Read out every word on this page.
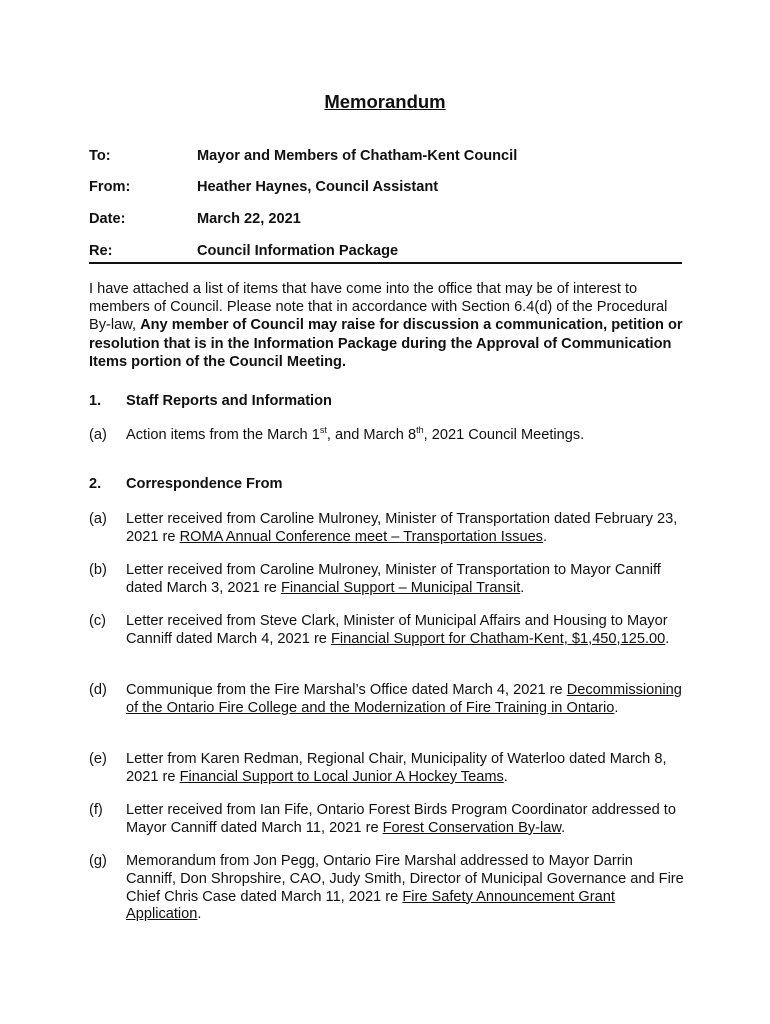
Memorandum
To:	Mayor and Members of Chatham-Kent Council
From:	Heather Haynes, Council Assistant
Date:	March 22, 2021
Re:	Council Information Package
I have attached a list of items that have come into the office that may be of interest to members of Council. Please note that in accordance with Section 6.4(d) of the Procedural By-law, Any member of Council may raise for discussion a communication, petition or resolution that is in the Information Package during the Approval of Communication Items portion of the Council Meeting.
1. Staff Reports and Information
(a) Action items from the March 1st, and March 8th, 2021 Council Meetings.
2. Correspondence From
(a) Letter received from Caroline Mulroney, Minister of Transportation dated February 23, 2021 re ROMA Annual Conference meet – Transportation Issues.
(b) Letter received from Caroline Mulroney, Minister of Transportation to Mayor Canniff dated March 3, 2021 re Financial Support – Municipal Transit.
(c) Letter received from Steve Clark, Minister of Municipal Affairs and Housing to Mayor Canniff dated March 4, 2021 re Financial Support for Chatham-Kent, $1,450,125.00.
(d) Communique from the Fire Marshal’s Office dated March 4, 2021 re Decommissioning of the Ontario Fire College and the Modernization of Fire Training in Ontario.
(e) Letter from Karen Redman, Regional Chair, Municipality of Waterloo dated March 8, 2021 re Financial Support to Local Junior A Hockey Teams.
(f) Letter received from Ian Fife, Ontario Forest Birds Program Coordinator addressed to Mayor Canniff dated March 11, 2021 re Forest Conservation By-law.
(g) Memorandum from Jon Pegg, Ontario Fire Marshal addressed to Mayor Darrin Canniff, Don Shropshire, CAO, Judy Smith, Director of Municipal Governance and Fire Chief Chris Case dated March 11, 2021 re Fire Safety Announcement Grant Application.
